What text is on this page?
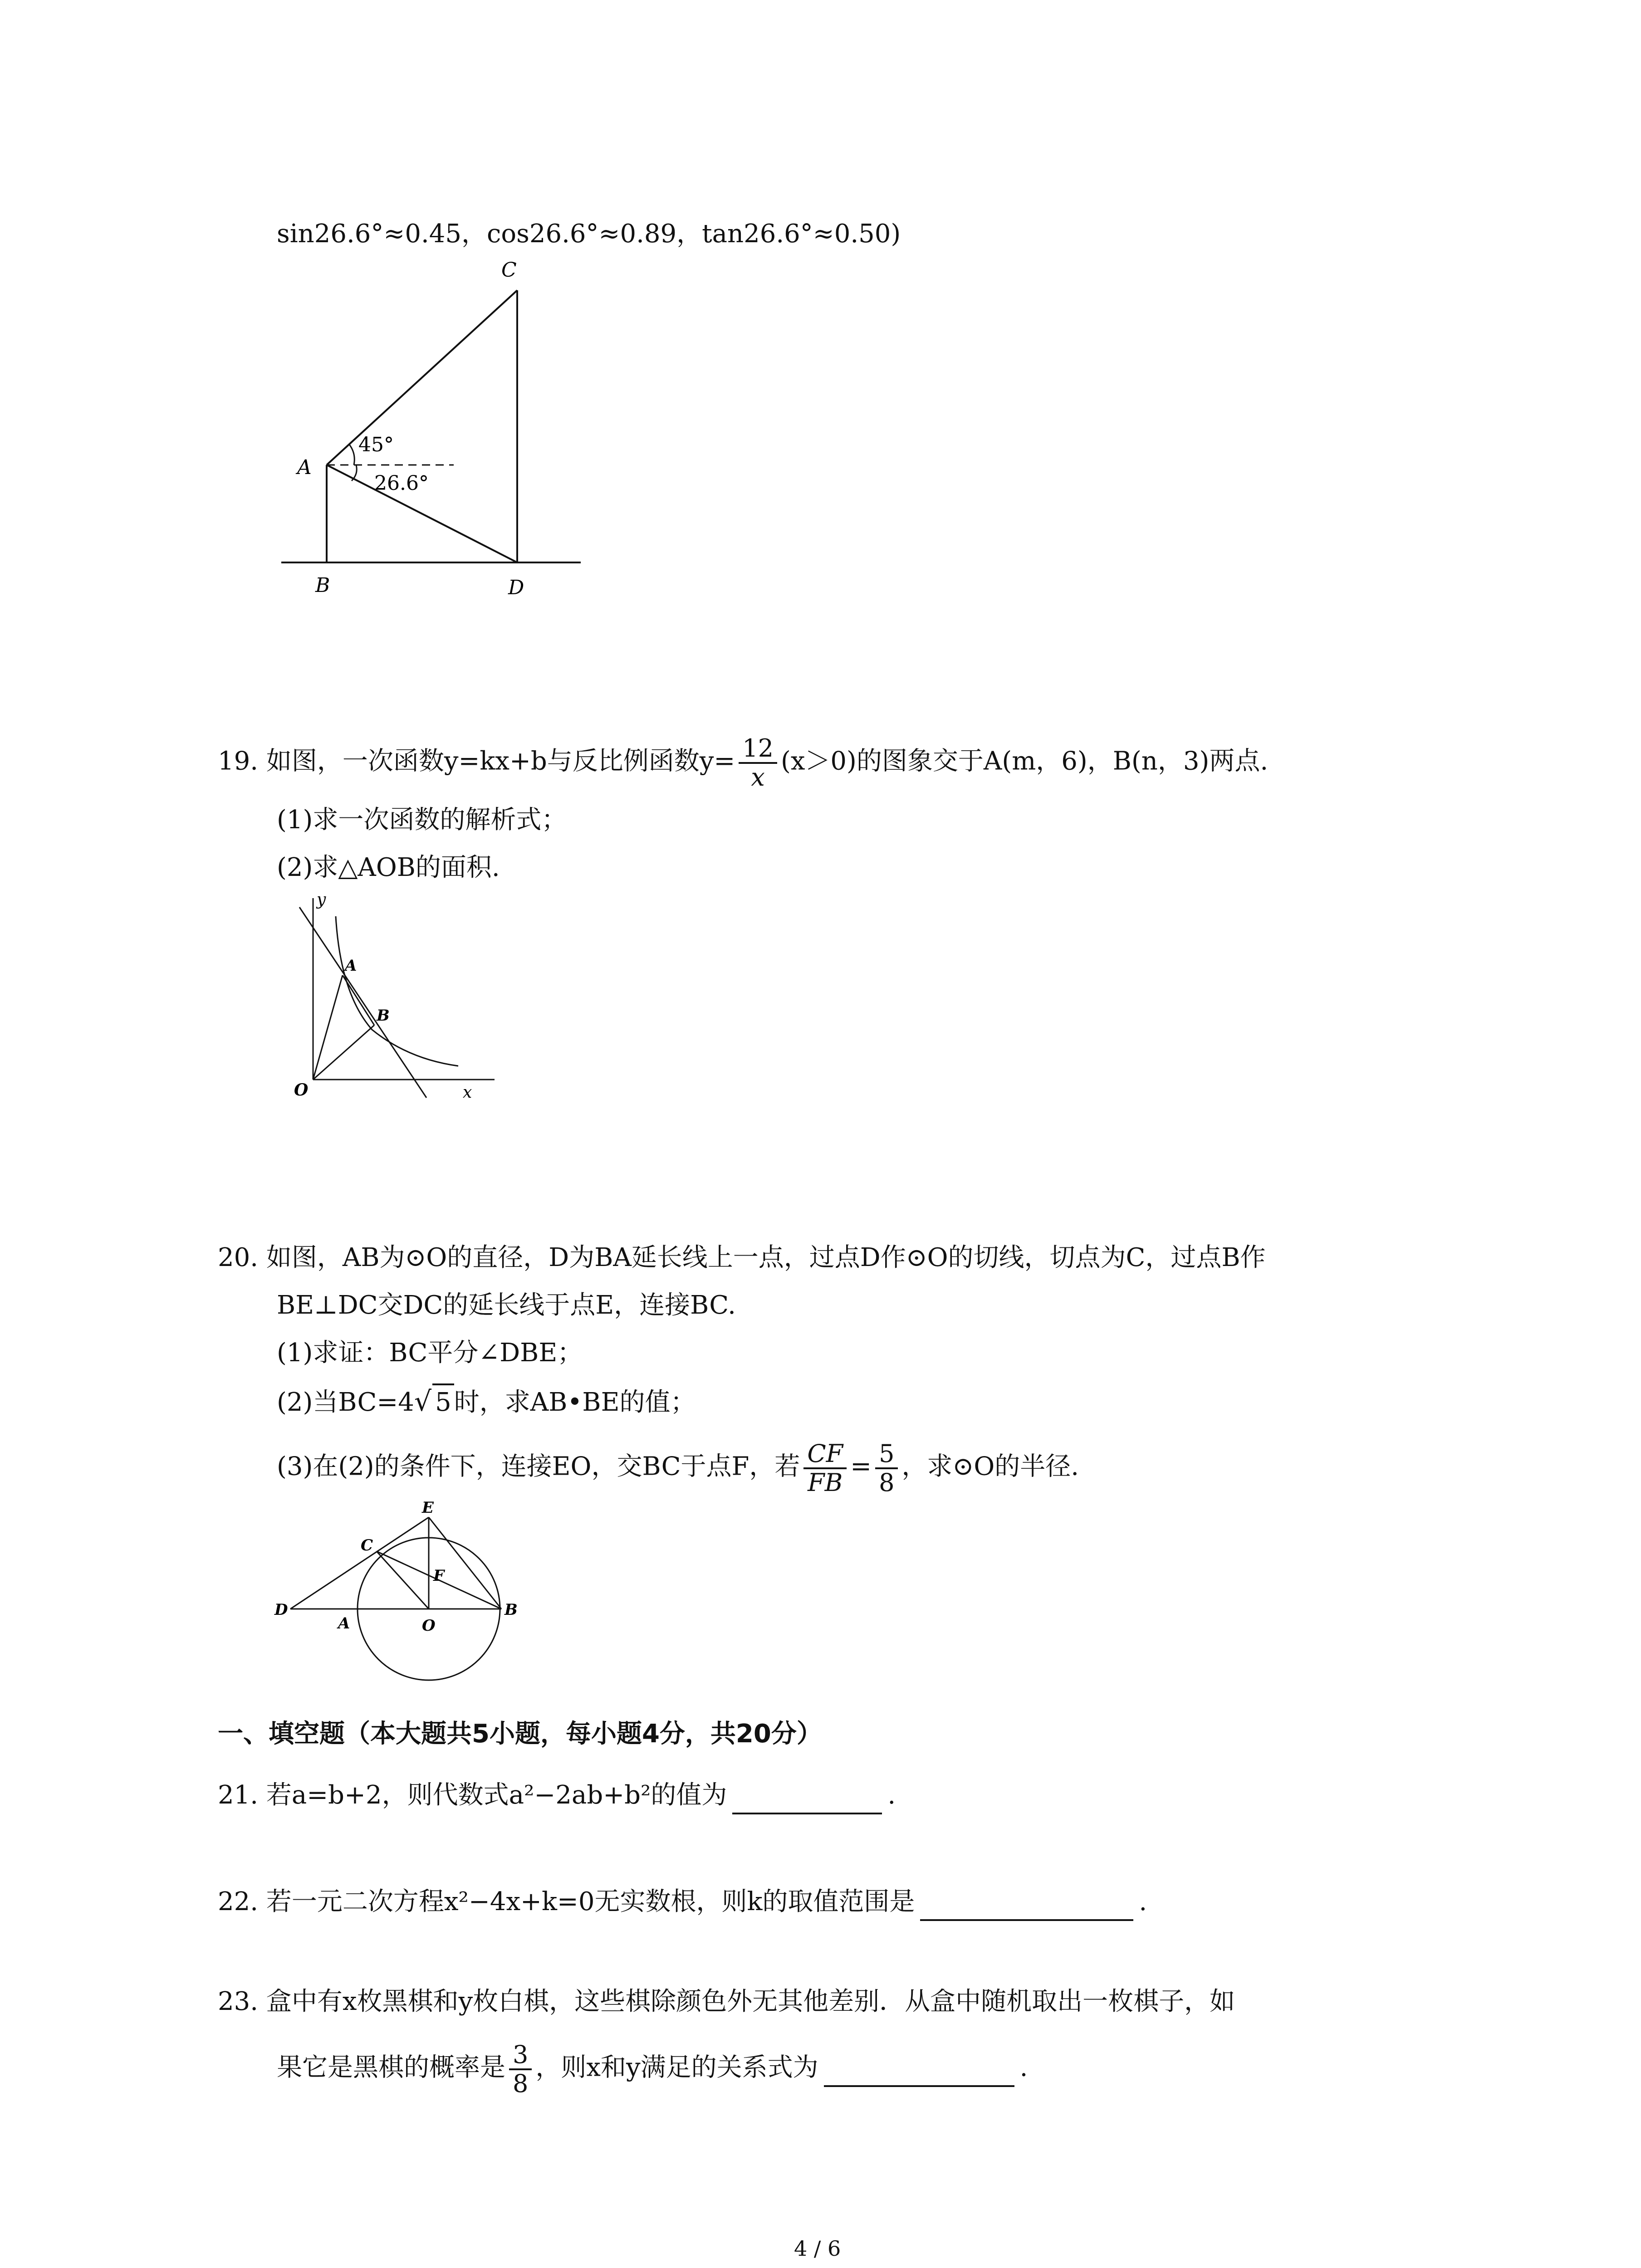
sin26.6°≈0.45，cos26.6°≈0.89，tan26.6°≈0.50)
C
A
B	D
45°
26.6°
19. 如图，一次函数y=kx+b与反比例函数$y= \frac{12}{x} (x>0)$的图象交于A(m，6)，B(n，3)两点.
(1)求一次函数的解析式；
(2)求△AOB的面积.
y
x
O
A
B
20. 如图，AB为⊙O的直径，D为BA延长线上一点，过点D作⊙O的切线，切点为C，过点B作
BE⊥DC交DC的延长线于点E，连接BC.
(1)求证：BC平分∠DBE；
(2)当BC=4√ 5 时，求AB•BE的值；
(3)在(2)的条件下，连接EO，交BC于点F，若 $\frac{CF}{FB} = \frac{5}{8}$ ，求⊙O的半径.
E
C
F
D
A	O
B
一、填空题（本大题共5小题，每小题4分，共20分）
21. 若a=b+2，则代数式a²−2ab+b²的值为	.
22. 若一元二次方程x²−4x+k=0无实数根，则k的取值范围是	.
23. 盒中有x枚黑棋和y枚白棋，这些棋除颜色外无其他差别．从盒中随机取出一枚棋子，如
果它是黑棋的概率是 $\frac{3}{8}$ ，则x和y满足的关系式为	.
4 / 6
